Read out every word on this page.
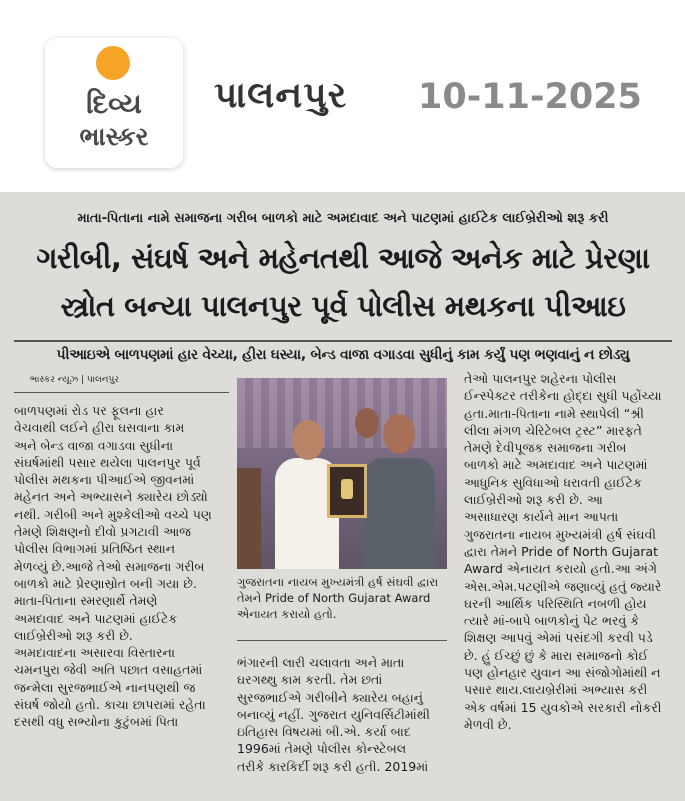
દિવ્ય
ભાસ્કર
પાલનપુર 10-11-2025
માતા-પિતાના નામે સમાજના ગરીબ બાળકો માટે અમદાવાદ અને પાટણમાં હાઈટેક લાઈબ્રેરીઓ શરૂ કરી
ગરીબી, સંઘર્ષ અને મહેનતથી આજે અનેક માટે પ્રેરણા
સ્ત્રોત બન્યા પાલનપુર પૂર્વ પોલીસ મથકના પીઆઇ
પીઆઇએ બાળપણમાં હાર વેચ્યા, હીરા ઘસ્યા, બેન્ડ વાજા વગાડવા સુધીનું કામ કર્યું પણ ભણવાનું ન છોડ્યુ
ભાસ્કર ન્યૂઝ | પાલનપુર

બાળપણમાં રોડ પર ફૂલના હાર

વેચવાથી લઈને હીરા ઘસવાના કામ

અને બેન્ડ વાજા વગાડવા સુધીના

સંઘર્ષમાંથી પસાર થયેલા પાલનપુર પૂર્વ

પોલીસ મથકના પીઆઈએ જીવનમાં

મહેનત અને અભ્યાસને ક્યારેય છોડ્યો

નથી. ગરીબી અને મુશ્કેલીઓ વચ્ચે પણ

તેમણે શિક્ષણનો દીવો પ્રગટાવી આજ

પોલીસ વિભાગમાં પ્રતિષ્ઠિત સ્થાન

મેળવ્યું છે.આજે તેઓ સમાજના ગરીબ

બાળકો માટે પ્રેરણાસ્રોત બની ગયા છે.

માતા-પિતાના સ્મરણાર્થે તેમણે

અમદાવાદ અને પાટણમાં હાઈટેક

લાઈબ્રેરીઓ શરૂ કરી છે.

અમદાવાદના અસારવા વિસ્તારના

ચમનપુરા જેવી અતિ પછાત વસાહતમાં

જન્મેલા સુરજભાઈએ નાનપણથી જ

સંઘર્ષ જોયો હતો. કાચા છાપરામાં રહેતા

દસથી વધુ સભ્યોના કુટુંબમાં પિતા

ગુજરાતના નાયબ મુખ્યમંત્રી હર્ષ સંઘવી દ્વારા તેમને Pride of North Gujarat Award એનાયત કરાયો હતો.

ભંગારની લારી ચલાવતા અને માતા

ઘરગથ્થુ કામ કરતી. તેમ છતાં

સુરજભાઈએ ગરીબીને ક્યારેય બહાનું

બનાવ્યું નહીં. ગુજરાત યુનિવર્સિટીમાંથી

ઇતિહાસ વિષયમાં બી.એ. કર્યા બાદ

1996માં તેમણે પોલીસ કોન્સ્ટેબલ

તરીકે કારકિર્દી શરૂ કરી હતી. 2019માં

તેઓ પાલનપુર શહેરના પોલીસ

ઈન્સ્પેક્ટર તરીકેના હોદ્દા સુધી પહોંચ્યા

હતા.માતા-પિતાના નામે સ્થાપેલી “શ્રી

લીલા મંગળ ચેરિટેબલ ટ્રસ્ટ” મારફતે

તેમણે દેવીપૂજક સમાજના ગરીબ

બાળકો માટે અમદાવાદ અને પાટણમાં

આધુનિક સુવિધાઓ ધરાવતી હાઈટેક

લાઈબ્રેરીઓ શરૂ કરી છે. આ

અસાધારણ કાર્યને માન આપતા

ગુજરાતના નાયબ મુખ્યમંત્રી હર્ષ સંઘવી

દ્વારા તેમને Pride of North Gujarat

Award એનાયત કરાયો હતો.આ અંગે

એસ.એમ.પટણીએ જણાવ્યું હતું જ્યારે

ઘરની આર્થિક પરિસ્થિતિ નબળી હોય

ત્યારે માં-બાપે બાળકોનું પેટ ભરવું કે

શિક્ષણ આપવું એમાં પસંદગી કરવી પડે

છે. હું ઈચ્છું છું કે મારા સમાજનો કોઈ

પણ હોનહાર યુવાન આ સંજોગોમાંથી ન

પસાર થાય.લાયબ્રેરીમાં અભ્યાસ કરી

એક વર્ષમાં 15 યુવકોએ સરકારી નોકરી

મેળવી છે.
